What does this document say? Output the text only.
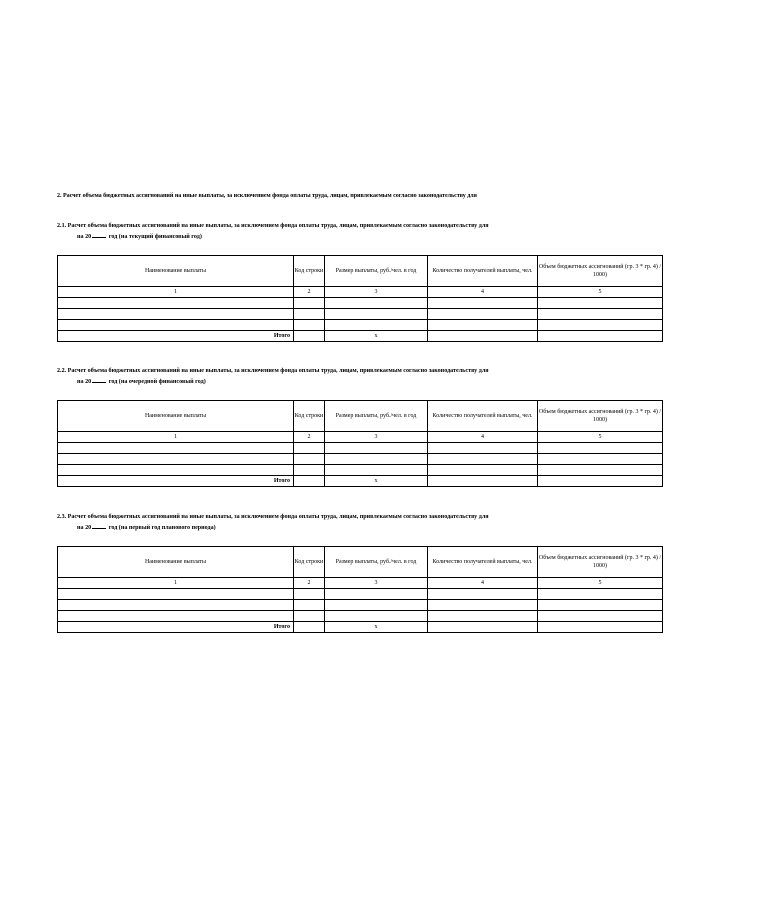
2. Расчет объема бюджетных ассигнований на иные выплаты, за исключением фонда оплаты труда, лицам, привлекаемым согласно законодательству для
2.1. Расчет объема бюджетных ассигнований на иные выплаты, за исключением фонда оплаты труда, лицам, привлекаемым согласно законодательству для
на 20	год (на текущий финансовый год)
Наименование выплаты	Код строки	Размер выплаты, руб./чел. в год	Количество получателей выплаты, чел.	Объем бюджетных ассигнований (гр. 3 * гр. 4) / 1000)
1	2	3	4	5

Итого		x		
2.2. Расчет объема бюджетных ассигнований на иные выплаты, за исключением фонда оплаты труда, лицам, привлекаемым согласно законодательству для
на 20	год (на очередной финансовый год)
Наименование выплаты	Код строки	Размер выплаты, руб./чел. в год	Количество получателей выплаты, чел.	Объем бюджетных ассигнований (гр. 3 * гр. 4) / 1000)
1	2	3	4	5

Итого		x		
2.3. Расчет объема бюджетных ассигнований на иные выплаты, за исключением фонда оплаты труда, лицам, привлекаемым согласно законодательству для
на 20	год (на первый год планового периода)
Наименование выплаты	Код строки	Размер выплаты, руб./чел. в год	Количество получателей выплаты, чел.	Объем бюджетных ассигнований (гр. 3 * гр. 4) / 1000)
1	2	3	4	5

Итого		x		
